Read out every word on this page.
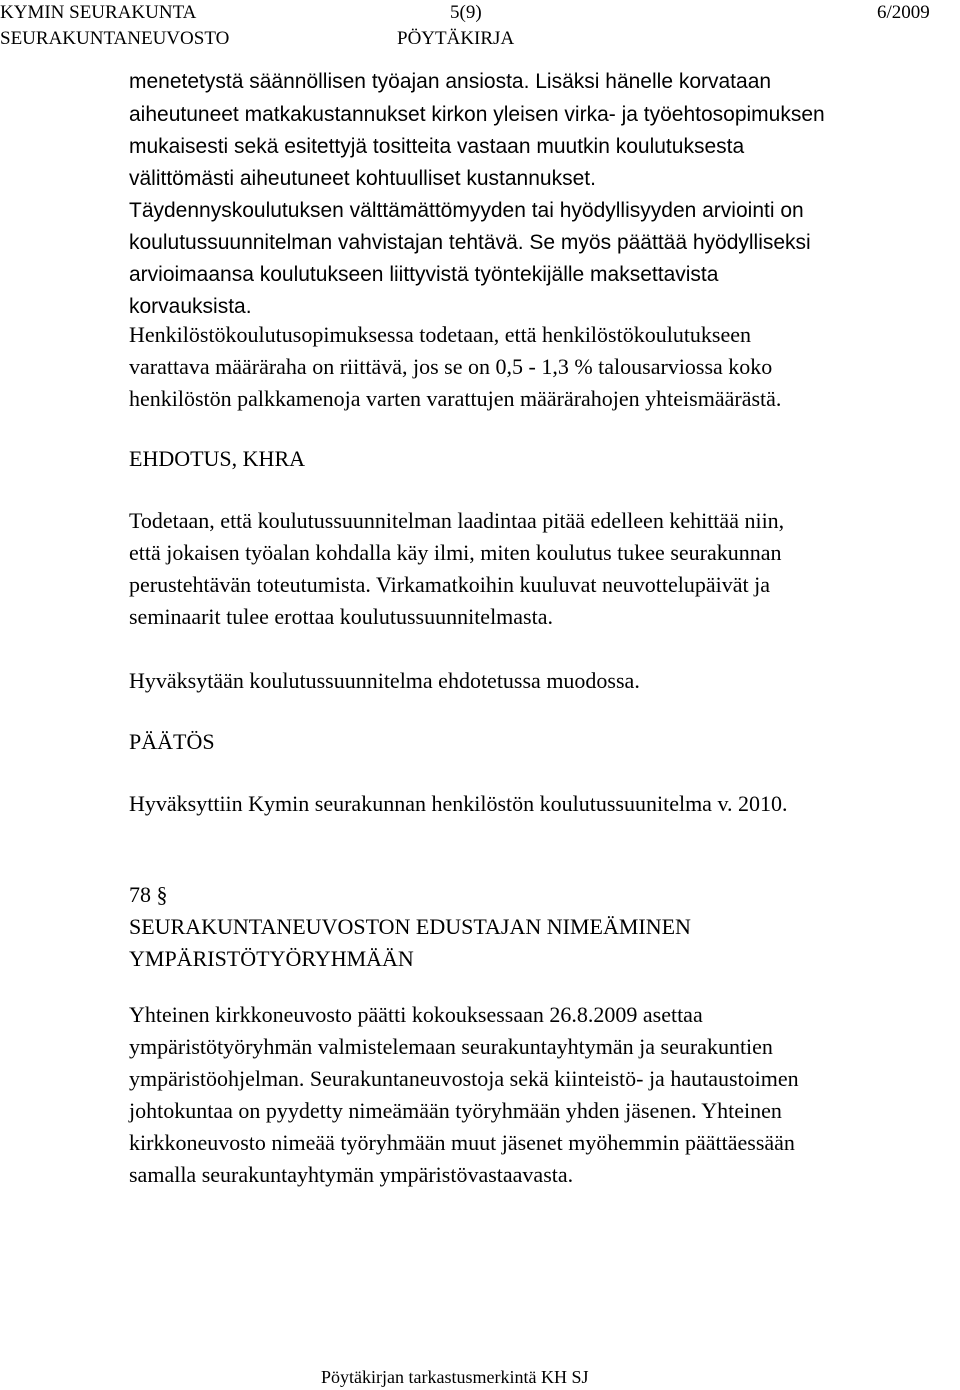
KYMIN SEURAKUNTA	5(9)	6/2009
SEURAKUNTANEUVOSTO	PÖYTÄKIRJA
menetetystä säännöllisen työajan ansiosta. Lisäksi hänelle korvataan
aiheutuneet matkakustannukset kirkon yleisen virka- ja työehtosopimuksen
mukaisesti sekä esitettyjä tositteita vastaan muutkin koulutuksesta
välittömästi aiheutuneet kohtuulliset kustannukset.
Täydennyskoulutuksen välttämättömyyden tai hyödyllisyyden arviointi on
koulutussuunnitelman vahvistajan tehtävä. Se myös päättää hyödylliseksi
arvioimaansa koulutukseen liittyvistä työntekijälle maksettavista
korvauksista.
Henkilöstökoulutusopimuksessa todetaan, että henkilöstökoulutukseen
varattava määräraha on riittävä, jos se on 0,5 - 1,3 % talousarviossa koko
henkilöstön palkkamenoja varten varattujen määrärahojen yhteismäärästä.
EHDOTUS, KHRA
Todetaan, että koulutussuunnitelman laadintaa pitää edelleen kehittää niin,
että jokaisen työalan kohdalla käy ilmi, miten koulutus tukee seurakunnan
perustehtävän toteutumista. Virkamatkoihin kuuluvat neuvottelupäivät ja
seminaarit tulee erottaa koulutussuunnitelmasta.
Hyväksytään koulutussuunnitelma ehdotetussa muodossa.
PÄÄTÖS
Hyväksyttiin Kymin seurakunnan henkilöstön koulutussuunitelma v. 2010.
78 §
SEURAKUNTANEUVOSTON EDUSTAJAN NIMEÄMINEN
YMPÄRISTÖTYÖRYHMÄÄN
Yhteinen kirkkoneuvosto päätti kokouksessaan 26.8.2009 asettaa
ympäristötyöryhmän valmistelemaan seurakuntayhtymän ja seurakuntien
ympäristöohjelman. Seurakuntaneuvostoja sekä kiinteistö- ja hautaustoimen
johtokuntaa on pyydetty nimeämään työryhmään yhden jäsenen. Yhteinen
kirkkoneuvosto nimeää työryhmään muut jäsenet myöhemmin päättäessään
samalla seurakuntayhtymän ympäristövastaavasta.
Pöytäkirjan tarkastusmerkintä KH SJ
